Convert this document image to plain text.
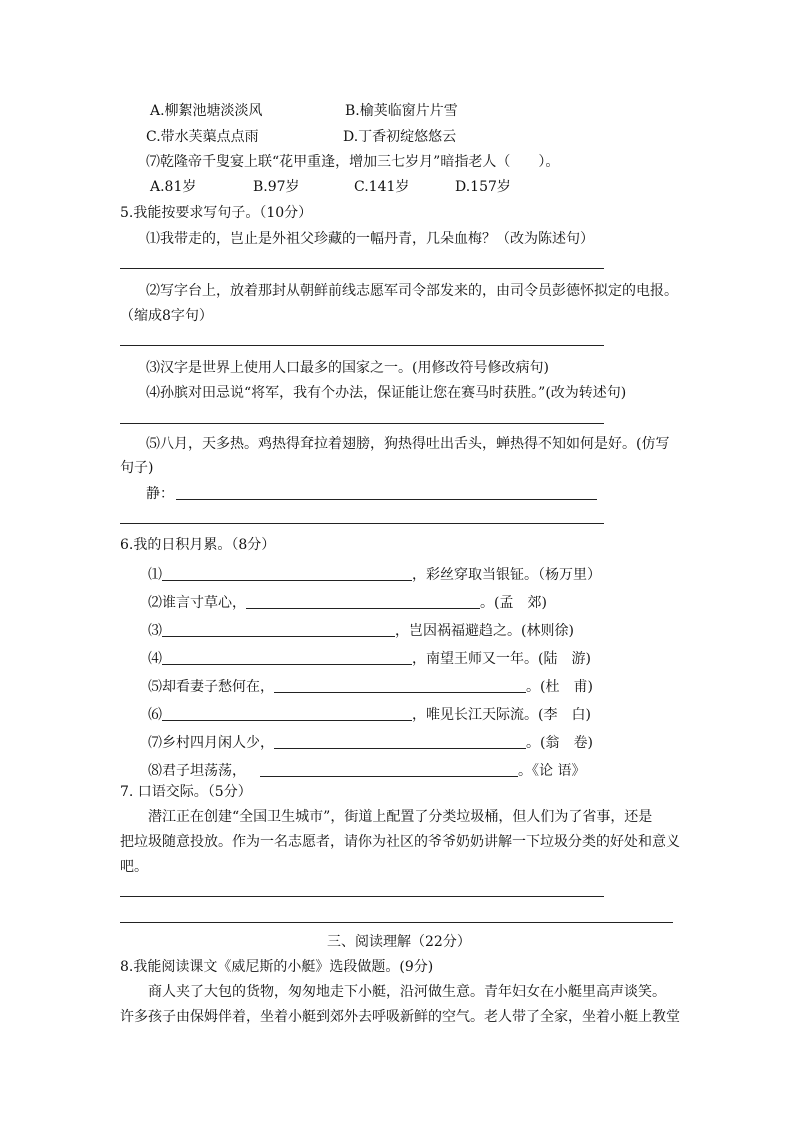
A.柳絮池塘淡淡风	B.榆荚临窗片片雪
C.带水芙蕖点点雨	D.丁香初绽悠悠云
⑺乾隆帝千叟宴上联“花甲重逢，增加三七岁月”暗指老人（　　）。
A.81岁	B.97岁	C.141岁	D.157岁
5.我能按要求写句子。（10分）
⑴我带走的，岂止是外祖父珍藏的一幅丹青，几朵血梅？（改为陈述句）
⑵写字台上，放着那封从朝鲜前线志愿军司令部发来的，由司令员彭德怀拟定的电报。
（缩成8字句）
⑶汉字是世界上使用人口最多的国家之一。(用修改符号修改病句)
⑷孙膑对田忌说“将军，我有个办法，保证能让您在赛马时获胜。”(改为转述句)
⑸八月，天多热。鸡热得耷拉着翅膀，狗热得吐出舌头，蝉热得不知如何是好。(仿写
句子)
静：
6.我的日积月累。（8分）
⑴	，彩丝穿取当银钲。（杨万里）
⑵谁言寸草心，	。(孟　郊)
⑶	，岂因祸福避趋之。(林则徐)
⑷	，南望王师又一年。(陆　游)
⑸却看妻子愁何在，	。(杜　甫)
⑹	，唯见长江天际流。(李　白)
⑺乡村四月闲人少，	。(翁　卷)
⑻君子坦荡荡，	。《论 语》
7. 口语交际。（5分）
潜江正在创建“全国卫生城市”，街道上配置了分类垃圾桶，但人们为了省事，还是
把垃圾随意投放。作为一名志愿者，请你为社区的爷爷奶奶讲解一下垃圾分类的好处和意义
吧。
三、阅读理解（22分）
8.我能阅读课文《威尼斯的小艇》选段做题。(9分)
商人夹了大包的货物，匆匆地走下小艇，沿河做生意。青年妇女在小艇里高声谈笑。
许多孩子由保姆伴着，坐着小艇到郊外去呼吸新鲜的空气。老人带了全家，坐着小艇上教堂
